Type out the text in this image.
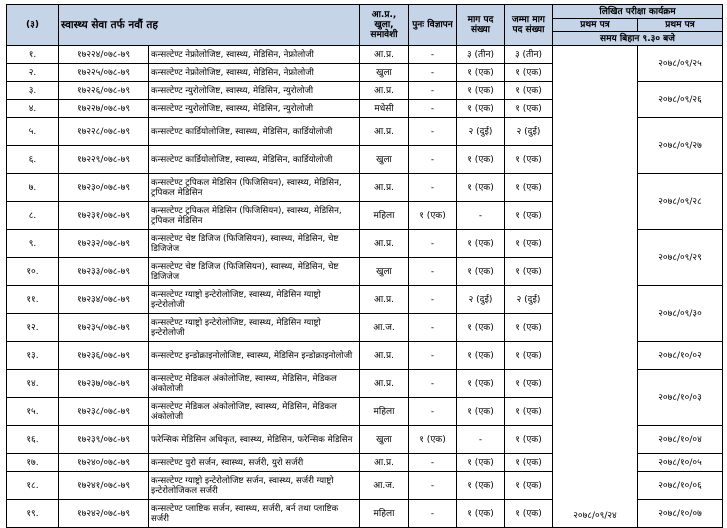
(३)	स्वास्थ्य सेवा तर्फ नवौं तह		आ.प्र., खुला, समावेशी	पुनः विज्ञापन	माग पद संख्या	जम्मा माग पद संख्या	लिखित परीक्षा कार्यक्रम	
							प्रथम पत्र	प्रथम पत्र
							समय बिहान ९.३० बजे	
१.	१७२२४/०७८-७९	कन्सल्टेण्ट नेफ्रोलोजिष्ट, स्वास्थ्य, मेडिसिन, नेफ्रोलोजी	आ.प्र.	-	३ (तीन)	३ (तीन)	२०७८/०९/२४	२०७८/०९/२५
२.	१७२२५/०७८-७९	कन्सल्टेण्ट नेफ्रोलोजिष्ट, स्वास्थ्य, मेडिसिन, नेफ्रोलोजी	खुला	-	१ (एक)	१ (एक)		
३.	१७२२६/०७८-७९	कन्सल्टेण्ट न्युरोलोजिष्ट, स्वास्थ्य, मेडिसिन, न्युरोलोजी	आ.प्र.	-	१ (एक)	१ (एक)		२०७८/०९/२६
४.	१७२२७/०७८-७९	कन्सल्टेण्ट न्युरोलोजिष्ट, स्वास्थ्य, मेडिसिन, न्युरोलोजी	मधेसी	-	१ (एक)	१ (एक)		
५.	१७२२८/०७८-७९	कन्सल्टेण्ट कार्डियोलोजिष्ट, स्वास्थ्य, मेडिसिन, कार्डियोलोजी	आ.प्र.	-	२ (दुई)	२ (दुई)		२०७८/०९/२७
६.	१७२२९/०७८-७९	कन्सल्टेण्ट कार्डियोलोजिष्ट, स्वास्थ्य, मेडिसिन, कार्डियोलोजी	खुला	-	१ (एक)	१ (एक)		
७.	१७२३०/०७८-७९	कन्सल्टेण्ट ट्रपिकल मेडिसिन (फिजिसियन), स्वास्थ्य, मेडिसिन, ट्रपिकल मेडिसिन	आ.प्र.	-	१ (एक)	१ (एक)		२०७८/०९/२८
८.	१७२३१/०७८-७९	कन्सल्टेण्ट ट्रपिकल मेडिसिन (फिजिसियन), स्वास्थ्य, मेडिसिन, ट्रपिकल मेडिसिन	महिला	१ (एक)	-	१ (एक)		
९.	१७२३२/०७८-७९	कन्सल्टेण्ट चेष्ट डिजिज (फिजिसियन), स्वास्थ्य, मेडिसिन, चेष्ट डिजिजेज	आ.प्र.	-	१ (एक)	१ (एक)		२०७८/०९/२९
१०.	१७२३३/०७८-७९	कन्सल्टेण्ट चेष्ट डिजिज (फिजिसियन), स्वास्थ्य, मेडिसिन, चेष्ट डिजिजेज	खुला	-	१ (एक)	१ (एक)		
११.	१७२३४/०७८-७९	कन्सल्टेण्ट ग्याष्ट्रो इन्टेरोलोजिष्ट, स्वास्थ्य, मेडिसिन ग्याष्ट्रो इन्टेरोलोजी	आ.प्र.	-	२ (दुई)	२ (दुई)		२०७८/०९/३०
१२.	१७२३५/०७८-७९	कन्सल्टेण्ट ग्याष्ट्रो इन्टेरोलोजिष्ट, स्वास्थ्य, मेडिसिन ग्याष्ट्रो इन्टेरोलोजी	आ.ज.	-	१ (एक)	१ (एक)		
१३.	१७२३६/०७८-७९	कन्सल्टेण्ट इन्डोक्राइनोलोजिष्ट, स्वास्थ्य, मेडिसिन इन्डोक्राइनोलोजी	आ.प्र.	-	१ (एक)	१ (एक)		२०७८/१०/०२
१४.	१७२३७/०७८-७९	कन्सल्टेण्ट मेडिकल अंकोलोजिष्ट, स्वास्थ्य, मेडिसिन, मेडिकल अंकोलोजी	आ.प्र.	-	१ (एक)	१ (एक)		२०७८/१०/०३
१५.	१७२३८/०७८-७९	कन्सल्टेण्ट मेडिकल अंकोलोजिष्ट, स्वास्थ्य, मेडिसिन, मेडिकल अंकोलोजी	महिला	-	१ (एक)	१ (एक)		
१६.	१७२३९/०७८-७९	फरेन्सिक मेडिसिन अधिकृत, स्वास्थ्य, मेडिसिन, फरेन्सिक मेडिसिन	खुला	१ (एक)	-	१ (एक)		२०७८/१०/०४
१७.	१७२४०/०७८-७९	कन्सल्टेण्ट युरो सर्जन, स्वास्थ्य, सर्जरी, युरो सर्जरी	आ.प्र.	-	१ (एक)	१ (एक)		२०७८/१०/०५
१८.	१७२४१/०७८-७९	कन्सल्टेण्ट ग्याष्ट्रो इन्टेरोलोजिष्ट सर्जन, स्वास्थ्य, सर्जरी ग्याष्ट्रो इन्टेरोलोजिकल सर्जरी	आ.ज.	-	१ (एक)	१ (एक)		२०७८/१०/०६
१९.	१७२४२/०७८-७९	कन्सल्टेण्ट प्लाष्टिक सर्जन, स्वास्थ्य, सर्जरी, बर्न तथा प्लाष्टिक सर्जरी	महिला	-	१ (एक)	१ (एक)		२०७८/१०/०७
